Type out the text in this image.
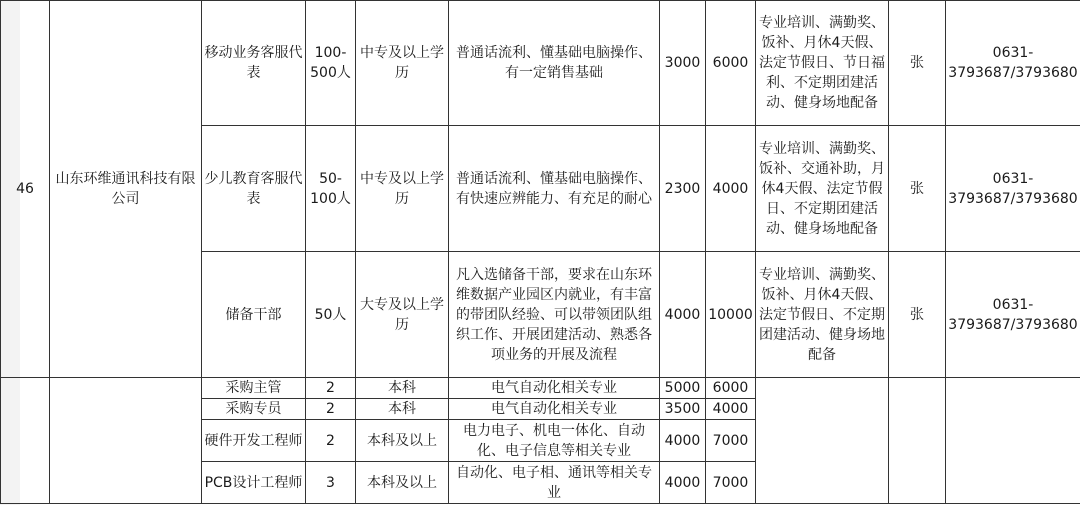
46	山东环维通讯科技有限公司	移动业务客服代表	100-500人	中专及以上学历	普通话流利、懂基础电脑操作、有一定销售基础	3000	6000	专业培训、满勤奖、饭补、月休4天假、法定节假日、节日福利、不定期团建活动、健身场地配备	张	0631-3793687/3793680
		少儿教育客服代表	50-100人	中专及以上学历	普通话流利、懂基础电脑操作、有快速应辨能力、有充足的耐心	2300	4000	专业培训、满勤奖、饭补、交通补助，月休4天假、法定节假日、不定期团建活动、健身场地配备	张	0631-3793687/3793680
		储备干部	50人	大专及以上学历	凡入选储备干部，要求在山东环维数据产业园区内就业，有丰富的带团队经验、可以带领团队组织工作、开展团建活动、熟悉各项业务的开展及流程	4000	10000	专业培训、满勤奖、饭补、月休4天假、法定节假日、不定期团建活动、健身场地配备	张	0631-3793687/3793680
		采购主管	2	本科	电气自动化相关专业	5000	6000			
		采购专员	2	本科	电气自动化相关专业	3500	4000			
		硬件开发工程师	2	本科及以上	电力电子、机电一体化、自动化、电子信息等相关专业	4000	7000			
		PCB设计工程师	3	本科及以上	自动化、电子相、通讯等相关专业	4000	7000			
